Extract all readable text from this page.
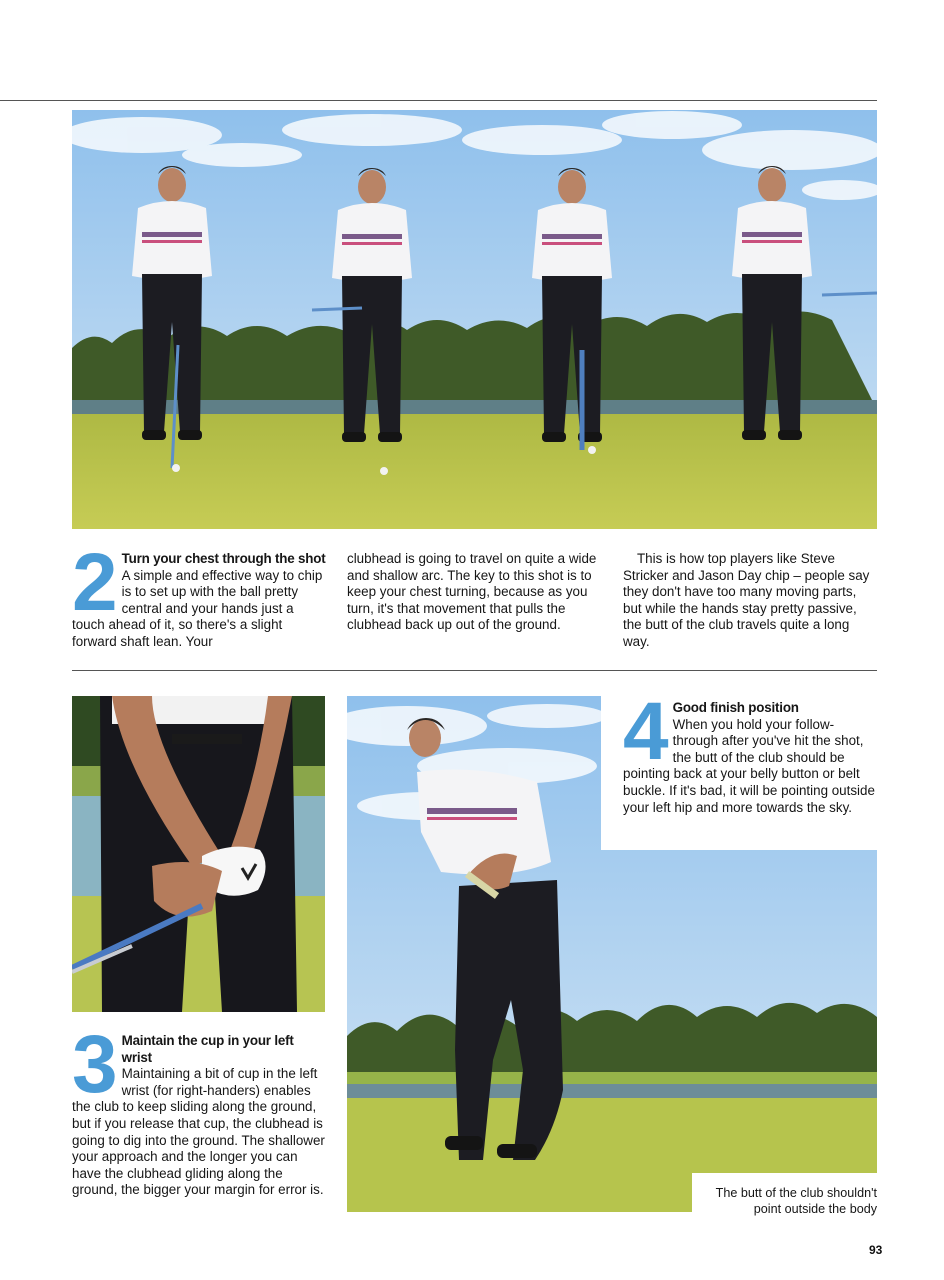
2 Turn your chest through the shot
A simple and effective way to chip is to set up with the ball pretty central and your hands just a touch ahead of it, so there's a slight forward shaft lean. Your

clubhead is going to travel on quite a wide and shallow arc. The key to this shot is to keep your chest turning, because as you turn, it's that movement that pulls the clubhead back up out of the ground.

This is how top players like Steve Stricker and Jason Day chip – people say they don't have too many moving parts, but while the hands stay pretty passive, the butt of the club travels quite a long way.

3 Maintain the cup in your left wrist
Maintaining a bit of cup in the left wrist (for right-handers) enables the club to keep sliding along the ground, but if you release that cup, the clubhead is going to dig into the ground. The shallower your approach and the longer you can have the clubhead gliding along the ground, the bigger your margin for error is.
4 Good finish position
When you hold your follow-through after you've hit the shot, the butt of the club should be pointing back at your belly button or belt buckle. If it's bad, it will be pointing outside your left hip and more towards the sky.
The butt of the club shouldn't point outside the body
93
